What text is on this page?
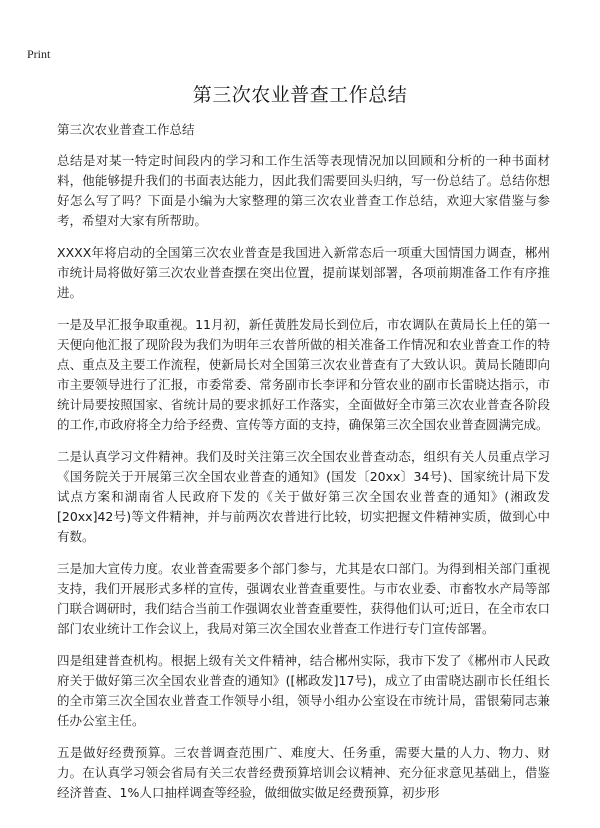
Print
第三次农业普查工作总结

第三次农业普查工作总结

总结是对某一特定时间段内的学习和工作生活等表现情况加以回顾和分析的一种书面材料，他能够提升我们的书面表达能力，因此我们需要回头归纳，写一份总结了。总结你想好怎么写了吗？下面是小编为大家整理的第三次农业普查工作总结，欢迎大家借鉴与参考，希望对大家有所帮助。

XXXX年将启动的全国第三次农业普查是我国进入新常态后一项重大国情国力调查，郴州市统计局将做好第三次农业普查摆在突出位置，提前谋划部署，各项前期准备工作有序推进。

一是及早汇报争取重视。11月初，新任黄胜发局长到位后，市农调队在黄局长上任的第一天便向他汇报了现阶段为我们为明年三农普所做的相关准备工作情况和农业普查工作的特点、重点及主要工作流程，使新局长对全国第三次农业普查有了大致认识。黄局长随即向市主要领导进行了汇报，市委常委、常务副市长李评和分管农业的副市长雷晓达指示，市统计局要按照国家、省统计局的要求抓好工作落实，全面做好全市第三次农业普查各阶段的工作,市政府将全力给予经费、宣传等方面的支持，确保第三次全国农业普查圆满完成。

二是认真学习文件精神。我们及时关注第三次全国农业普查动态，组织有关人员重点学习《国务院关于开展第三次全国农业普查的通知》(国发〔20xx〕34号)、国家统计局下发试点方案和湖南省人民政府下发的《关于做好第三次全国农业普查的通知》(湘政发[20xx]42号)等文件精神，并与前两次农普进行比较，切实把握文件精神实质，做到心中有数。

三是加大宣传力度。农业普查需要多个部门参与，尤其是农口部门。为得到相关部门重视支持，我们开展形式多样的宣传，强调农业普查重要性。与市农业委、市畜牧水产局等部门联合调研时，我们结合当前工作强调农业普查重要性，获得他们认可;近日，在全市农口部门农业统计工作会议上，我局对第三次全国农业普查工作进行专门宣传部署。

四是组建普查机构。根据上级有关文件精神，结合郴州实际，我市下发了《郴州市人民政府关于做好第三次全国农业普查的通知》([郴政发]17号)，成立了由雷晓达副市长任组长的全市第三次全国农业普查工作领导小组，领导小组办公室设在市统计局，雷银菊同志兼任办公室主任。

五是做好经费预算。三农普调查范围广、难度大、任务重，需要大量的人力、物力、财力。在认真学习领会省局有关三农普经费预算培训会议精神、充分征求意见基础上，借鉴经济普查、1%人口抽样调查等经验，做细做实做足经费预算，初步形
